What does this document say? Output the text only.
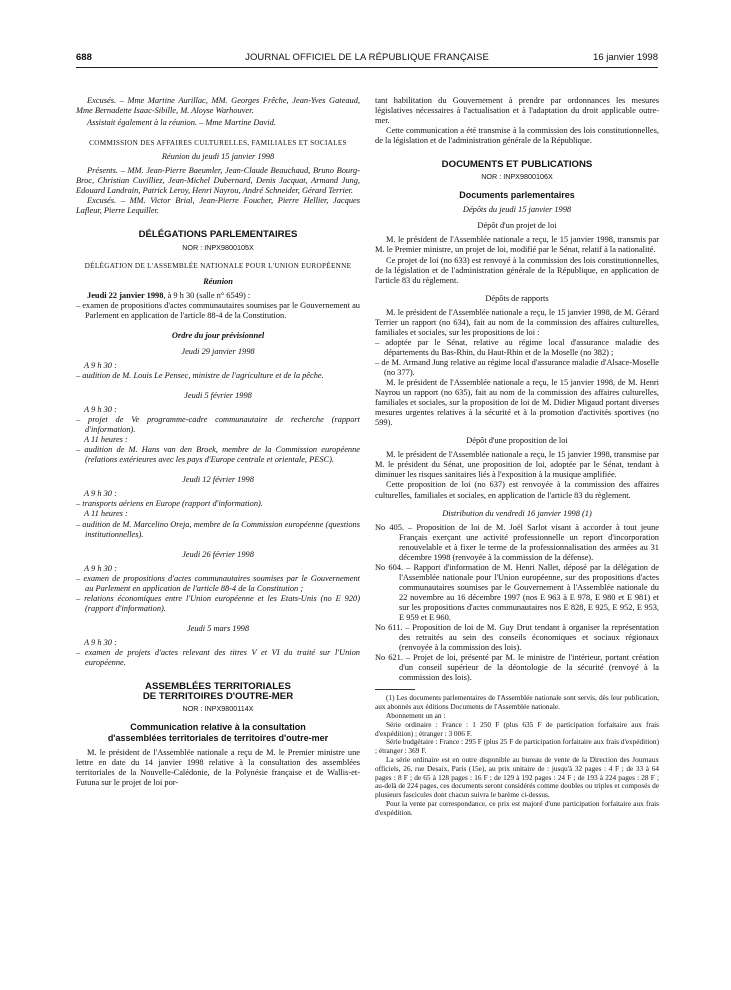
688	JOURNAL OFFICIEL DE LA RÉPUBLIQUE FRANÇAISE	16 janvier 1998

Excusés. – Mme Martine Aurillac, MM. Georges Frêche, Jean-Yves Gateaud, Mme Bernadette Isaac-Sibille, M. Aloyse Warhouver.

Assistait également à la réunion. – Mme Martine David.

COMMISSION DES AFFAIRES CULTURELLES, FAMILIALES ET SOCIALES

Réunion du jeudi 15 janvier 1998

Présents. – MM. Jean-Pierre Baeumler, Jean-Claude Beauchaud, Bruno Bourg-Broc, Christian Cuvilliez, Jean-Michel Dubernard, Denis Jacquat, Armand Jung, Edouard Landrain, Patrick Leroy, Henri Nayrou, André Schneider, Gérard Terrier.

Excusés. – MM. Victor Brial, Jean-Pierre Foucher, Pierre Hellier, Jacques Lafleur, Pierre Lequiller.

DÉLÉGATIONS PARLEMENTAIRES

NOR : INPX9800105X

DÉLÉGATION DE L'ASSEMBLÉE NATIONALE POUR L'UNION EUROPÉENNE

Réunion

Jeudi 22 janvier 1998, à 9 h 30 (salle n° 6549) :

– examen de propositions d'actes communautaires soumises par le Gouvernement au Parlement en application de l'article 88-4 de la Constitution.

Ordre du jour prévisionnel

Jeudi 29 janvier 1998

A 9 h 30 :

– audition de M. Louis Le Pensec, ministre de l'agriculture et de la pêche.

Jeudi 5 février 1998

A 9 h 30 :

– projet de Ve programme-cadre communautaire de recherche (rapport d'information).

A 11 heures :

– audition de M. Hans van den Broek, membre de la Commission européenne (relations extérieures avec les pays d'Europe centrale et orientale, PESC).

Jeudi 12 février 1998

A 9 h 30 :

– transports aériens en Europe (rapport d'information).

A 11 heures :

– audition de M. Marcelino Oreja, membre de la Commission européenne (questions institutionnelles).

Jeudi 26 février 1998

A 9 h 30 :

– examen de propositions d'actes communautaires soumises par le Gouvernement au Parlement en application de l'article 88-4 de la Constitution ;

– relations économiques entre l'Union européenne et les Etats-Unis (no E 920) (rapport d'information).

Jeudi 5 mars 1998

A 9 h 30 :

– examen de projets d'actes relevant des titres V et VI du traité sur l'Union européenne.

ASSEMBLÉES TERRITORIALES

DE TERRITOIRES D'OUTRE-MER

NOR : INPX9800114X

Communication relative à la consultation

d'assemblées territoriales de territoires d'outre-mer

M. le président de l'Assemblée nationale a reçu de M. le Premier ministre une lettre en date du 14 janvier 1998 relative à la consultation des assemblées territoriales de la Nouvelle-Calédonie, de la Polynésie française et de Wallis-et-Futuna sur le projet de loi por-

tant habilitation du Gouvernement à prendre par ordonnances les mesures législatives nécessaires à l'actualisation et à l'adaptation du droit applicable outre-mer.

Cette communication a été transmise à la commission des lois constitutionnelles, de la législation et de l'administration générale de la République.

DOCUMENTS ET PUBLICATIONS

NOR : INPX9800106X

Documents parlementaires

Dépôts du jeudi 15 janvier 1998

Dépôt d'un projet de loi

M. le président de l'Assemblée nationale a reçu, le 15 janvier 1998, transmis par M. le Premier ministre, un projet de loi, modifié par le Sénat, relatif à la nationalité.

Ce projet de loi (no 633) est renvoyé à la commission des lois constitutionnelles, de la législation et de l'administration générale de la République, en application de l'article 83 du règlement.

Dépôts de rapports

M. le président de l'Assemblée nationale a reçu, le 15 janvier 1998, de M. Gérard Terrier un rapport (no 634), fait au nom de la commission des affaires culturelles, familiales et sociales, sur les propositions de loi :

– adoptée par le Sénat, relative au régime local d'assurance maladie des départements du Bas-Rhin, du Haut-Rhin et de la Moselle (no 382) ;

– de M. Armand Jung relative au régime local d'assurance maladie d'Alsace-Moselle (no 377).

M. le président de l'Assemblée nationale a reçu, le 15 janvier 1998, de M. Henri Nayrou un rapport (no 635), fait au nom de la commission des affaires culturelles, familiales et sociales, sur la proposition de loi de M. Didier Migaud portant diverses mesures urgentes relatives à la sécurité et à la promotion d'activités sportives (no 599).

Dépôt d'une proposition de loi

M. le président de l'Assemblée nationale a reçu, le 15 janvier 1998, transmise par M. le président du Sénat, une proposition de loi, adoptée par le Sénat, tendant à diminuer les risques sanitaires liés à l'exposition à la musique amplifiée.

Cette proposition de loi (no 637) est renvoyée à la commission des affaires culturelles, familiales et sociales, en application de l'article 83 du règlement.

Distribution du vendredi 16 janvier 1998 (1)

No 405. – Proposition de loi de M. Joël Sarlot visant à accorder à tout jeune Français exerçant une activité professionnelle un report d'incorporation renouvelable et à fixer le terme de la professionnalisation des armées au 31 décembre 1998 (renvoyée à la commission de la défense).

No 604. – Rapport d'information de M. Henri Nallet, déposé par la délégation de l'Assemblée nationale pour l'Union européenne, sur des propositions d'actes communautaires soumises par le Gouvernement à l'Assemblée nationale du 22 novembre au 16 décembre 1997 (nos E 963 à E 978, E 980 et E 981) et sur les propositions d'actes communautaires nos E 828, E 925, E 952, E 953, E 959 et E 960.

No 611. – Proposition de loi de M. Guy Drut tendant à organiser la représentation des retraités au sein des conseils économiques et sociaux régionaux (renvoyée à la commission des lois).

No 621. – Projet de loi, présenté par M. le ministre de l'intérieur, portant création d'un conseil supérieur de la déontologie de la sécurité (renvoyé à la commission des lois).

(1) Les documents parlementaires de l'Assemblée nationale sont servis, dès leur publication, aux abonnés aux éditions Documents de l'Assemblée nationale.

Abonnement un an :

Série ordinaire : France : 1 250 F (plus 635 F de participation forfaitaire aux frais d'expédition) ; étranger : 3 006 F.

Série budgétaire : France : 295 F (plus 25 F de participation forfaitaire aux frais d'expédition) ; étranger : 369 F.

La série ordinaire est en outre disponible au bureau de vente de la Direction des Journaux officiels, 26, rue Desaix, Paris (15e), au prix unitaire de : jusqu'à 32 pages : 4 F ; de 33 à 64 pages : 8 F ; de 65 à 128 pages : 16 F ; de 129 à 192 pages : 24 F ; de 193 à 224 pages : 28 F ; au-delà de 224 pages, ces documents seront considérés comme doubles ou triples et composés de plusieurs fascicules dont chacun suivra le barème ci-dessus.

Pour la vente par correspondance, ce prix est majoré d'une participation forfaitaire aux frais d'expédition.
